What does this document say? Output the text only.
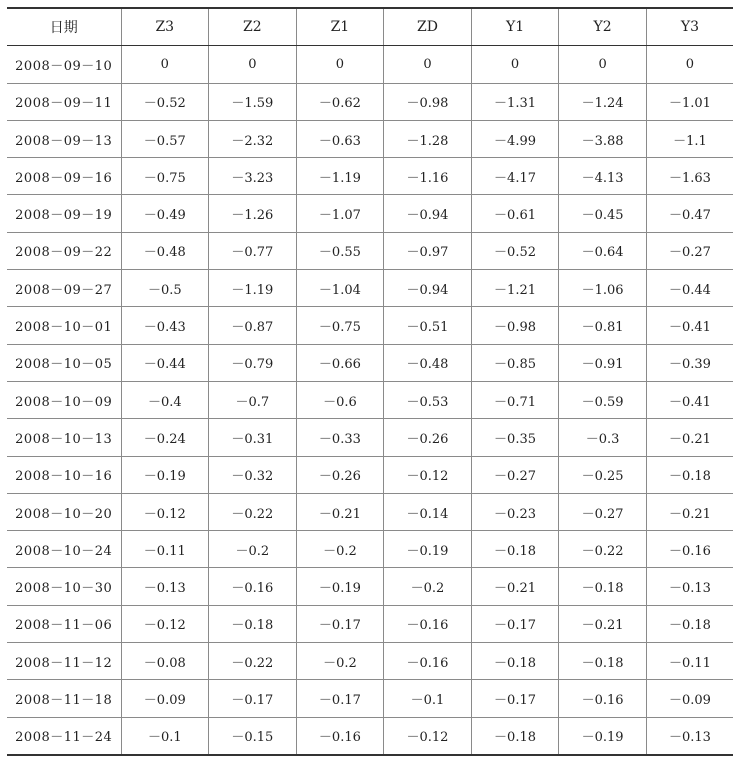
日期	Z3	Z2	Z1	ZD	Y1	Y2	Y3
2008－09－10	0	0	0	0	0	0	0
2008－09－11	－0.52	－1.59	－0.62	－0.98	－1.31	－1.24	－1.01
2008－09－13	－0.57	－2.32	－0.63	－1.28	－4.99	－3.88	－1.1
2008－09－16	－0.75	－3.23	－1.19	－1.16	－4.17	－4.13	－1.63
2008－09－19	－0.49	－1.26	－1.07	－0.94	－0.61	－0.45	－0.47
2008－09－22	－0.48	－0.77	－0.55	－0.97	－0.52	－0.64	－0.27
2008－09－27	－0.5	－1.19	－1.04	－0.94	－1.21	－1.06	－0.44
2008－10－01	－0.43	－0.87	－0.75	－0.51	－0.98	－0.81	－0.41
2008－10－05	－0.44	－0.79	－0.66	－0.48	－0.85	－0.91	－0.39
2008－10－09	－0.4	－0.7	－0.6	－0.53	－0.71	－0.59	－0.41
2008－10－13	－0.24	－0.31	－0.33	－0.26	－0.35	－0.3	－0.21
2008－10－16	－0.19	－0.32	－0.26	－0.12	－0.27	－0.25	－0.18
2008－10－20	－0.12	－0.22	－0.21	－0.14	－0.23	－0.27	－0.21
2008－10－24	－0.11	－0.2	－0.2	－0.19	－0.18	－0.22	－0.16
2008－10－30	－0.13	－0.16	－0.19	－0.2	－0.21	－0.18	－0.13
2008－11－06	－0.12	－0.18	－0.17	－0.16	－0.17	－0.21	－0.18
2008－11－12	－0.08	－0.22	－0.2	－0.16	－0.18	－0.18	－0.11
2008－11－18	－0.09	－0.17	－0.17	－0.1	－0.17	－0.16	－0.09
2008－11－24	－0.1	－0.15	－0.16	－0.12	－0.18	－0.19	－0.13
